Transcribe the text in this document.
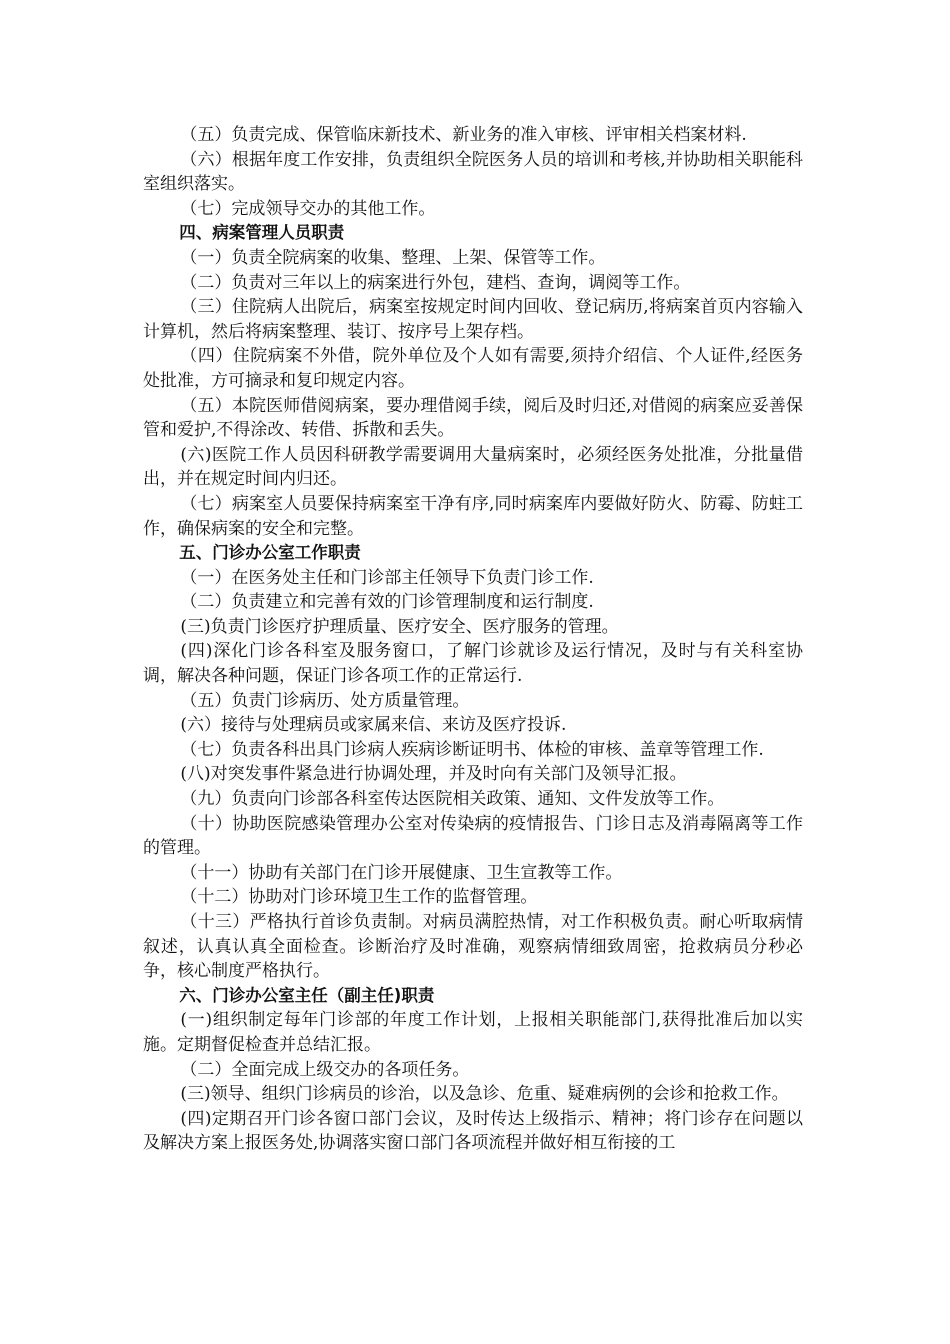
（五）负责完成、保管临床新技术、新业务的准入审核、评审相关档案材料.

（六）根据年度工作安排，负责组织全院医务人员的培训和考核,并协助相关职能科室组织落实。

（七）完成领导交办的其他工作。

四、病案管理人员职责

（一）负责全院病案的收集、整理、上架、保管等工作。

（二）负责对三年以上的病案进行外包，建档、查询，调阅等工作。

（三）住院病人出院后，病案室按规定时间内回收、登记病历,将病案首页内容输入计算机，然后将病案整理、装订、按序号上架存档。

（四）住院病案不外借，院外单位及个人如有需要,须持介绍信、个人证件,经医务处批准，方可摘录和复印规定内容。

（五）本院医师借阅病案，要办理借阅手续，阅后及时归还,对借阅的病案应妥善保管和爱护,不得涂改、转借、拆散和丢失。

(六)医院工作人员因科研教学需要调用大量病案时，必须经医务处批准，分批量借出，并在规定时间内归还。

（七）病案室人员要保持病案室干净有序,同时病案库内要做好防火、防霉、防蛀工作，确保病案的安全和完整。

五、门诊办公室工作职责

（一）在医务处主任和门诊部主任领导下负责门诊工作.

（二）负责建立和完善有效的门诊管理制度和运行制度.

(三)负责门诊医疗护理质量、医疗安全、医疗服务的管理。

(四)深化门诊各科室及服务窗口，了解门诊就诊及运行情况，及时与有关科室协调，解决各种问题，保证门诊各项工作的正常运行.

（五）负责门诊病历、处方质量管理。

(六）接待与处理病员或家属来信、来访及医疗投诉.

（七）负责各科出具门诊病人疾病诊断证明书、体检的审核、盖章等管理工作.

(八)对突发事件紧急进行协调处理，并及时向有关部门及领导汇报。

（九）负责向门诊部各科室传达医院相关政策、通知、文件发放等工作。

（十）协助医院感染管理办公室对传染病的疫情报告、门诊日志及消毒隔离等工作的管理。

（十一）协助有关部门在门诊开展健康、卫生宣教等工作。

（十二）协助对门诊环境卫生工作的监督管理。

（十三）严格执行首诊负责制。对病员满腔热情，对工作积极负责。耐心听取病情叙述，认真认真全面检查。诊断治疗及时准确，观察病情细致周密，抢救病员分秒必争，核心制度严格执行。

六、门诊办公室主任（副主任)职责

(一)组织制定每年门诊部的年度工作计划，上报相关职能部门,获得批准后加以实施。定期督促检查并总结汇报。

（二）全面完成上级交办的各项任务。

(三)领导、组织门诊病员的诊治，以及急诊、危重、疑难病例的会诊和抢救工作。

(四)定期召开门诊各窗口部门会议，及时传达上级指示、精神；将门诊存在问题以及解决方案上报医务处,协调落实窗口部门各项流程并做好相互衔接的工
